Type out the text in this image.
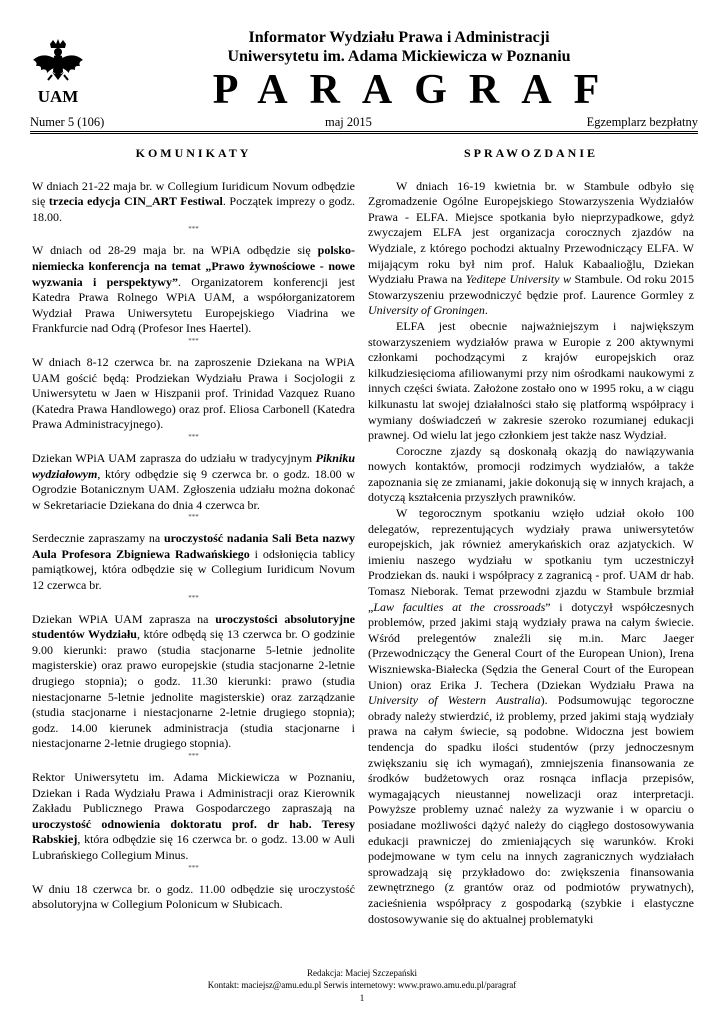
UAM
Informator Wydziału Prawa i Administracji
Uniwersytetu im. Adama Mickiewicza w Poznaniu
PARAGRAF
Numer 5 (106)	maj 2015	Egzemplarz bezpłatny
KOMUNIKATY

W dniach 21-22 maja br. w Collegium Iuridicum Novum odbędzie się trzecia edycja CIN_ART Festiwal. Początek imprezy o godz. 18.00.

***

W dniach od 28-29 maja br. na WPiA odbędzie się polsko-niemiecka konferencja na temat „Prawo żywnościowe - nowe wyzwania i perspektywy”. Organizatorem konferencji jest Katedra Prawa Rolnego WPiA UAM, a współorganizatorem Wydział Prawa Uniwersytetu Europejskiego Viadrina we Frankfurcie nad Odrą (Profesor Ines Haertel).

***

W dniach 8-12 czerwca br. na zaproszenie Dziekana na WPiA UAM gościć będą: Prodziekan Wydziału Prawa i Socjologii z Uniwersytetu w Jaen w Hiszpanii prof. Trinidad Vazquez Ruano (Katedra Prawa Handlowego) oraz prof. Eliosa Carbonell (Katedra Prawa Administracyjnego).

***

Dziekan WPiA UAM zaprasza do udziału w tradycyjnym Pikniku wydziałowym, który odbędzie się 9 czerwca br. o godz. 18.00 w Ogrodzie Botanicznym UAM. Zgłoszenia udziału można dokonać w Sekretariacie Dziekana do dnia 4 czerwca br.

***

Serdecznie zapraszamy na uroczystość nadania Sali Beta nazwy Aula Profesora Zbigniewa Radwańskiego i odsłonięcia tablicy pamiątkowej, która odbędzie się w Collegium Iuridicum Novum 12 czerwca br.

***

Dziekan WPiA UAM zaprasza na uroczystości absolutoryjne studentów Wydziału, które odbędą się 13 czerwca br. O godzinie 9.00 kierunki: prawo (studia stacjonarne 5-letnie jednolite magisterskie) oraz prawo europejskie (studia stacjonarne 2-letnie drugiego stopnia); o godz. 11.30 kierunki: prawo (studia niestacjonarne 5-letnie jednolite magisterskie) oraz zarządzanie (studia stacjonarne i niestacjonarne 2-letnie drugiego stopnia); godz. 14.00 kierunek administracja (studia stacjonarne i niestacjonarne 2-letnie drugiego stopnia).

***

Rektor Uniwersytetu im. Adama Mickiewicza w Poznaniu, Dziekan i Rada Wydziału Prawa i Administracji oraz Kierownik Zakładu Publicznego Prawa Gospodarczego zapraszają na uroczystość odnowienia doktoratu prof. dr hab. Teresy Rabskiej, która odbędzie się 16 czerwca br. o godz. 13.00 w Auli Lubrańskiego Collegium Minus.

***

W dniu 18 czerwca br. o godz. 11.00 odbędzie się uroczystość absolutoryjna w Collegium Polonicum w Słubicach.

SPRAWOZDANIE

W dniach 16-19 kwietnia br. w Stambule odbyło się Zgromadzenie Ogólne Europejskiego Stowarzyszenia Wydziałów Prawa - ELFA. Miejsce spotkania było nieprzypadkowe, gdyż zwyczajem ELFA jest organizacja corocznych zjazdów na Wydziale, z którego pochodzi aktualny Przewodniczący ELFA. W mijającym roku był nim prof. Haluk Kabaalioğlu, Dziekan Wydziału Prawa na Yeditepe University w Stambule. Od roku 2015 Stowarzyszeniu przewodniczyć będzie prof. Laurence Gormley z University of Groningen.

ELFA jest obecnie najważniejszym i największym stowarzyszeniem wydziałów prawa w Europie z 200 aktywnymi członkami pochodzącymi z krajów europejskich oraz kilkudziesięcioma afiliowanymi przy nim ośrodkami naukowymi z innych części świata. Założone zostało ono w 1995 roku, a w ciągu kilkunastu lat swojej działalności stało się platformą współpracy i wymiany doświadczeń w zakresie szeroko rozumianej edukacji prawnej. Od wielu lat jego członkiem jest także nasz Wydział.

Coroczne zjazdy są doskonałą okazją do nawiązywania nowych kontaktów, promocji rodzimych wydziałów, a także zapoznania się ze zmianami, jakie dokonują się w innych krajach, a dotyczą kształcenia przyszłych prawników.

W tegorocznym spotkaniu wzięło udział około 100 delegatów, reprezentujących wydziały prawa uniwersytetów europejskich, jak również amerykańskich oraz azjatyckich. W imieniu naszego wydziału w spotkaniu tym uczestniczył Prodziekan ds. nauki i współpracy z zagranicą - prof. UAM dr hab. Tomasz Nieborak. Temat przewodni zjazdu w Stambule brzmiał „Law faculties at the crossroads” i dotyczył współczesnych problemów, przed jakimi stają wydziały prawa na całym świecie. Wśród prelegentów znaleźli się m.in. Marc Jaeger (Przewodniczący the General Court of the European Union), Irena Wiszniewska-Białecka (Sędzia the General Court of the European Union) oraz Erika J. Techera (Dziekan Wydziału Prawa na University of Western Australia). Podsumowując tegoroczne obrady należy stwierdzić, iż problemy, przed jakimi stają wydziały prawa na całym świecie, są podobne. Widoczna jest bowiem tendencja do spadku ilości studentów (przy jednoczesnym zwiększaniu się ich wymagań), zmniejszenia finansowania ze środków budżetowych oraz rosnąca inflacja przepisów, wymagających nieustannej nowelizacji oraz interpretacji. Powyższe problemy uznać należy za wyzwanie i w oparciu o posiadane możliwości dążyć należy do ciągłego dostosowywania edukacji prawniczej do zmieniających się warunków. Kroki podejmowane w tym celu na innych zagranicznych wydziałach sprowadzają się przykładowo do: zwiększenia finansowania zewnętrznego (z grantów oraz od podmiotów prywatnych), zacieśnienia współpracy z gospodarką (szybkie i elastyczne dostosowywanie się do aktualnej problematyki

Redakcja: Maciej Szczepański
Kontakt: maciejsz@amu.edu.pl Serwis internetowy: www.prawo.amu.edu.pl/paragraf
1
